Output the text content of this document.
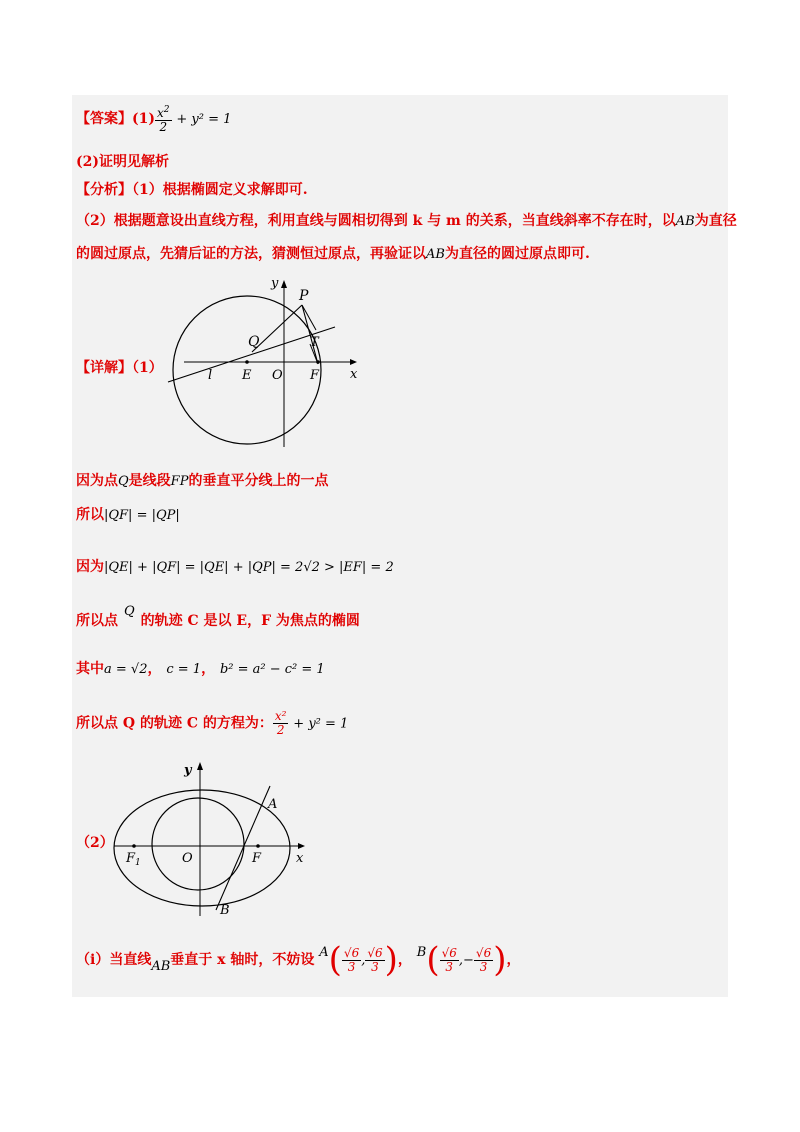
【答案】$(1) \frac{x^2}{2} + y^2 = 1$
(2)证明见解析
【分析】（1）根据椭圆定义求解即可.
（2）根据题意设出直线方程，利用直线与圆相切得到 k 与 m 的关系，当直线斜率不存在时，以AB为直径
的圆过原点，先猜后证的方法，猜测恒过原点，再验证以AB为直径的圆过原点即可.
【详解】（1）
y
P
Q	T
l E O F x
因为点Q是线段FP的垂直平分线上的一点
所以|QF| = |QP|
因为|QE| + |QF| = |QE| + |QP| = 2√2 > |EF| = 2
所以点Q的轨迹 C 是以 E，F 为焦点的椭圆
其中a = √2， c = 1， b² = a² − c² = 1
所以点 Q 的轨迹 C 的方程为： $\frac{\text{x²}}{2} + y^2 = 1$
（2）
y
A
B
$F_1$	O	F	x
（i）当直线AB垂直于 x 轴时，不妨设 $A( \frac{√6}{3}$ , $\frac{√6}{3}$ )， $B( \frac{√6}{3}$ ,− $\frac{√6}{3}$ )，
